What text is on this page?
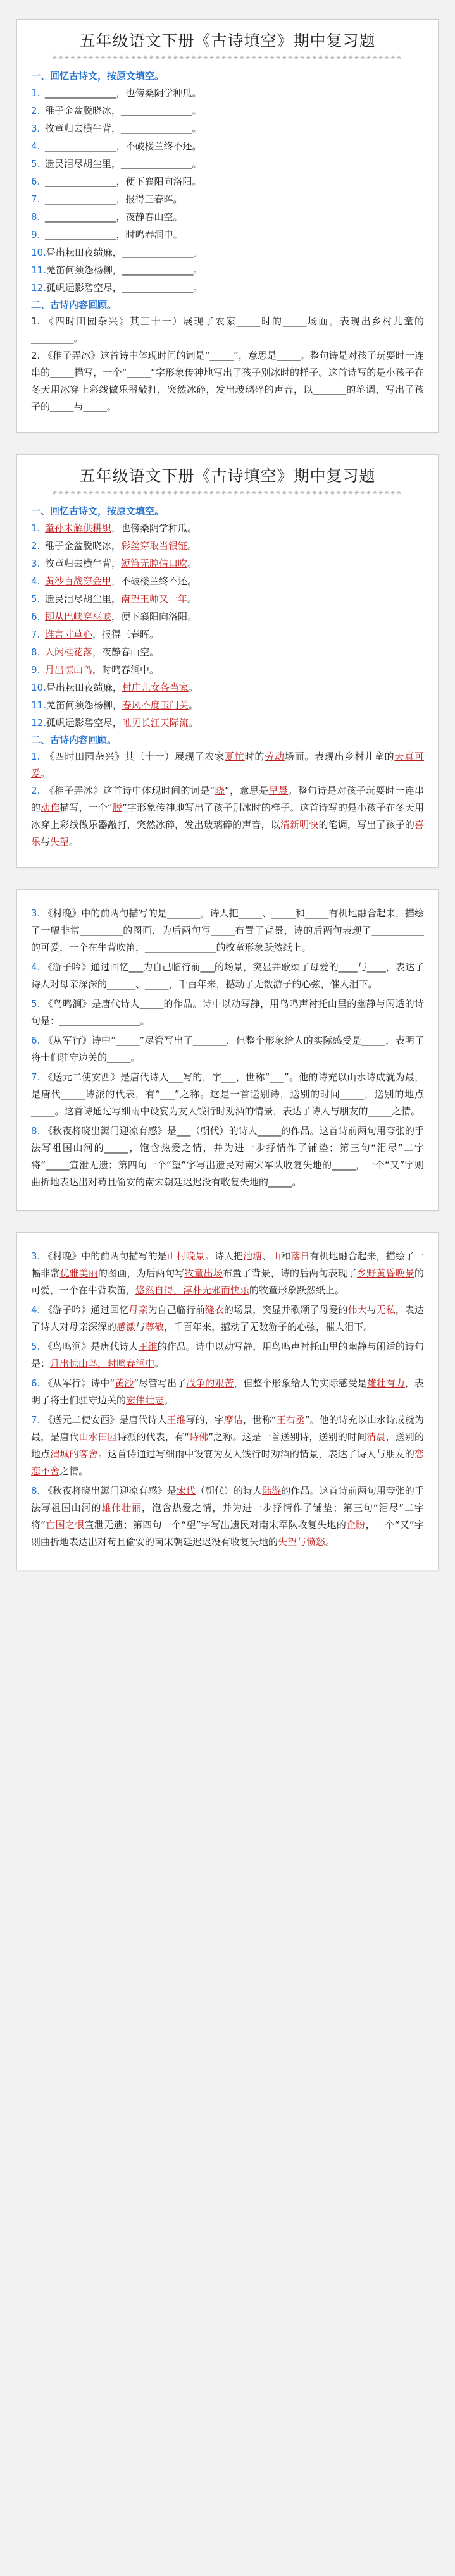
五年级语文下册《古诗填空》期中复习题
✳✳✳✳✳✳✳✳✳✳✳✳✳✳✳✳✳✳✳✳✳✳✳✳✳✳✳✳✳✳✳✳✳✳✳✳✳✳✳✳✳✳✳✳✳✳✳✳✳✳✳✳✳✳✳✳✳✳
一、回忆古诗文，按原文填空。
1. _______________，也傍桑阴学种瓜。
2. 稚子金盆脱晓冰，_______________。
3. 牧童归去横牛背，_______________。
4. _______________，不破楼兰终不还。
5. 遗民泪尽胡尘里，_______________。
6. _______________，便下襄阳向洛阳。
7. _______________，报得三春晖。
8. _______________，夜静春山空。
9. _______________，时鸣春涧中。
10.昼出耘田夜绩麻，_______________。
11.羌笛何须怨杨柳，_______________。
12.孤帆远影碧空尽，_______________。
二、古诗内容回顾。
1. 《四时田园杂兴》其三十一）展现了农家_____时的_____场面。表现出乡村儿童的_________。
2. 《稚子弄冰》这首诗中体现时间的词是“_____”，意思是_____。整句诗是对孩子玩耍时一连串的_____描写，一个“_____”字形象传神地写出了孩子别冰时的样子。这首诗写的是小孩子在冬天用冰穿上彩线做乐器敲打，突然冰碎，发出玻璃碎的声音，以_______的笔调，写出了孩子的_____与_____。
五年级语文下册《古诗填空》期中复习题
✳✳✳✳✳✳✳✳✳✳✳✳✳✳✳✳✳✳✳✳✳✳✳✳✳✳✳✳✳✳✳✳✳✳✳✳✳✳✳✳✳✳✳✳✳✳✳✳✳✳✳✳✳✳✳✳✳✳
一、回忆古诗文，按原文填空。
1. 童孙未解供耕织，也傍桑阴学种瓜。
2. 稚子金盆脱晓冰，彩丝穿取当银钲。
3. 牧童归去横牛背，短笛无腔信口吹。
4. 黄沙百战穿金甲，不破楼兰终不还。
5. 遗民泪尽胡尘里，南望王师又一年。
6. 即从巴峡穿巫峡，便下襄阳向洛阳。
7. 谁言寸草心，报得三春晖。
8. 人闲桂花落，夜静春山空。
9. 月出惊山鸟，时鸣春涧中。
10.昼出耘田夜绩麻，村庄儿女各当家。
11.羌笛何须怨杨柳，春风不度玉门关。
12.孤帆远影碧空尽，唯见长江天际流。
二、古诗内容回顾。
1. 《四时田园杂兴》其三十一）展现了农家夏忙时的劳动场面。表现出乡村儿童的天真可爱。
2. 《稚子弄冰》这首诗中体现时间的词是“晓”，意思是早晨。整句诗是对孩子玩耍时一连串的动作描写，一个“脱”字形象传神地写出了孩子别冰时的样子。这首诗写的是小孩子在冬天用冰穿上彩线做乐器敲打，突然冰碎，发出玻璃碎的声音，以清新明快的笔调，写出了孩子的喜乐与失望。
3. 《村晚》中的前两句描写的是_______。诗人把_____、_____和_____有机地融合起来，描绘了一幅非常_________的图画，为后两句写_____布置了背景，诗的后两句表现了___________的可爱，一个在牛背吹笛，_______________的牧童形象跃然纸上。
4. 《游子吟》通过回忆___为自己临行前___的场景，突显并歌颂了母爱的____与____，表达了诗人对母亲深深的______、_____，千百年来，撼动了无数游子的心弦，催人泪下。
5. 《鸟鸣涧》是唐代诗人_____的作品。诗中以动写静，用鸟鸣声衬托山里的幽静与闲适的诗句是：_________________。
6. 《从军行》诗中“_____”尽管写出了_______，但整个形象给人的实际感受是_____，表明了将士们驻守边关的_____。
7. 《送元二使安西》是唐代诗人___写的，字___，世称“___”。他的诗充以山水诗成就为最，是唐代_____诗派的代表，有“___”之称。这是一首送别诗，送别的时间_____，送别的地点_____。这首诗通过写细雨中设宴为友人饯行时劝酒的情景，表达了诗人与朋友的_____之情。
8. 《秋夜将晓出篱门迎凉有感》是___（朝代）的诗人_____的作品。这首诗前两句用夸张的手法写祖国山河的_____，饱含热爱之情，并为进一步抒情作了铺垫；第三句“泪尽”二字将“_____宣泄无遗；第四句一个“望”字写出遗民对南宋军队收复失地的_____，一个“又”字则曲折地表达出对苟且偷安的南宋朝廷迟迟没有收复失地的_____。
3. 《村晚》中的前两句描写的是山村晚景。诗人把池塘、山和落日有机地融合起来，描绘了一幅非常优雅美丽的图画，为后两句写牧童出场布置了背景，诗的后两句表现了乡野黄昏晚景的可爱，一个在牛背吹笛，悠然自得，淳朴无邪而快乐的牧童形象跃然纸上。
4. 《游子吟》通过回忆母亲为自己临行前缝衣的场景，突显并歌颂了母爱的伟大与无私，表达了诗人对母亲深深的感激与尊敬，千百年来，撼动了无数游子的心弦，催人泪下。
5. 《鸟鸣涧》是唐代诗人王维的作品。诗中以动写静，用鸟鸣声衬托山里的幽静与闲适的诗句是：月出惊山鸟，时鸣春涧中。
6. 《从军行》诗中“黄沙”尽管写出了战争的艰苦，但整个形象给人的实际感受是雄壮有力，表明了将士们驻守边关的宏伟壮志。
7. 《送元二使安西》是唐代诗人王维写的，字摩诘，世称“王右丞”。他的诗充以山水诗成就为最，是唐代山水田园诗派的代表，有“诗佛”之称。这是一首送别诗，送别的时间清晨，送别的地点渭城的客舍。这首诗通过写细雨中设宴为友人饯行时劝酒的情景，表达了诗人与朋友的恋恋不舍之情。
8. 《秋夜将晓出篱门迎凉有感》是宋代（朝代）的诗人陆游的作品。这首诗前两句用夸张的手法写祖国山河的雄伟壮丽，饱含热爱之情，并为进一步抒情作了铺垫；第三句“泪尽”二字将“亡国之恨宣泄无遗；第四句一个“望”字写出遗民对南宋军队收复失地的企盼，一个“又”字则曲折地表达出对苟且偷安的南宋朝廷迟迟没有收复失地的失望与愤怒。
